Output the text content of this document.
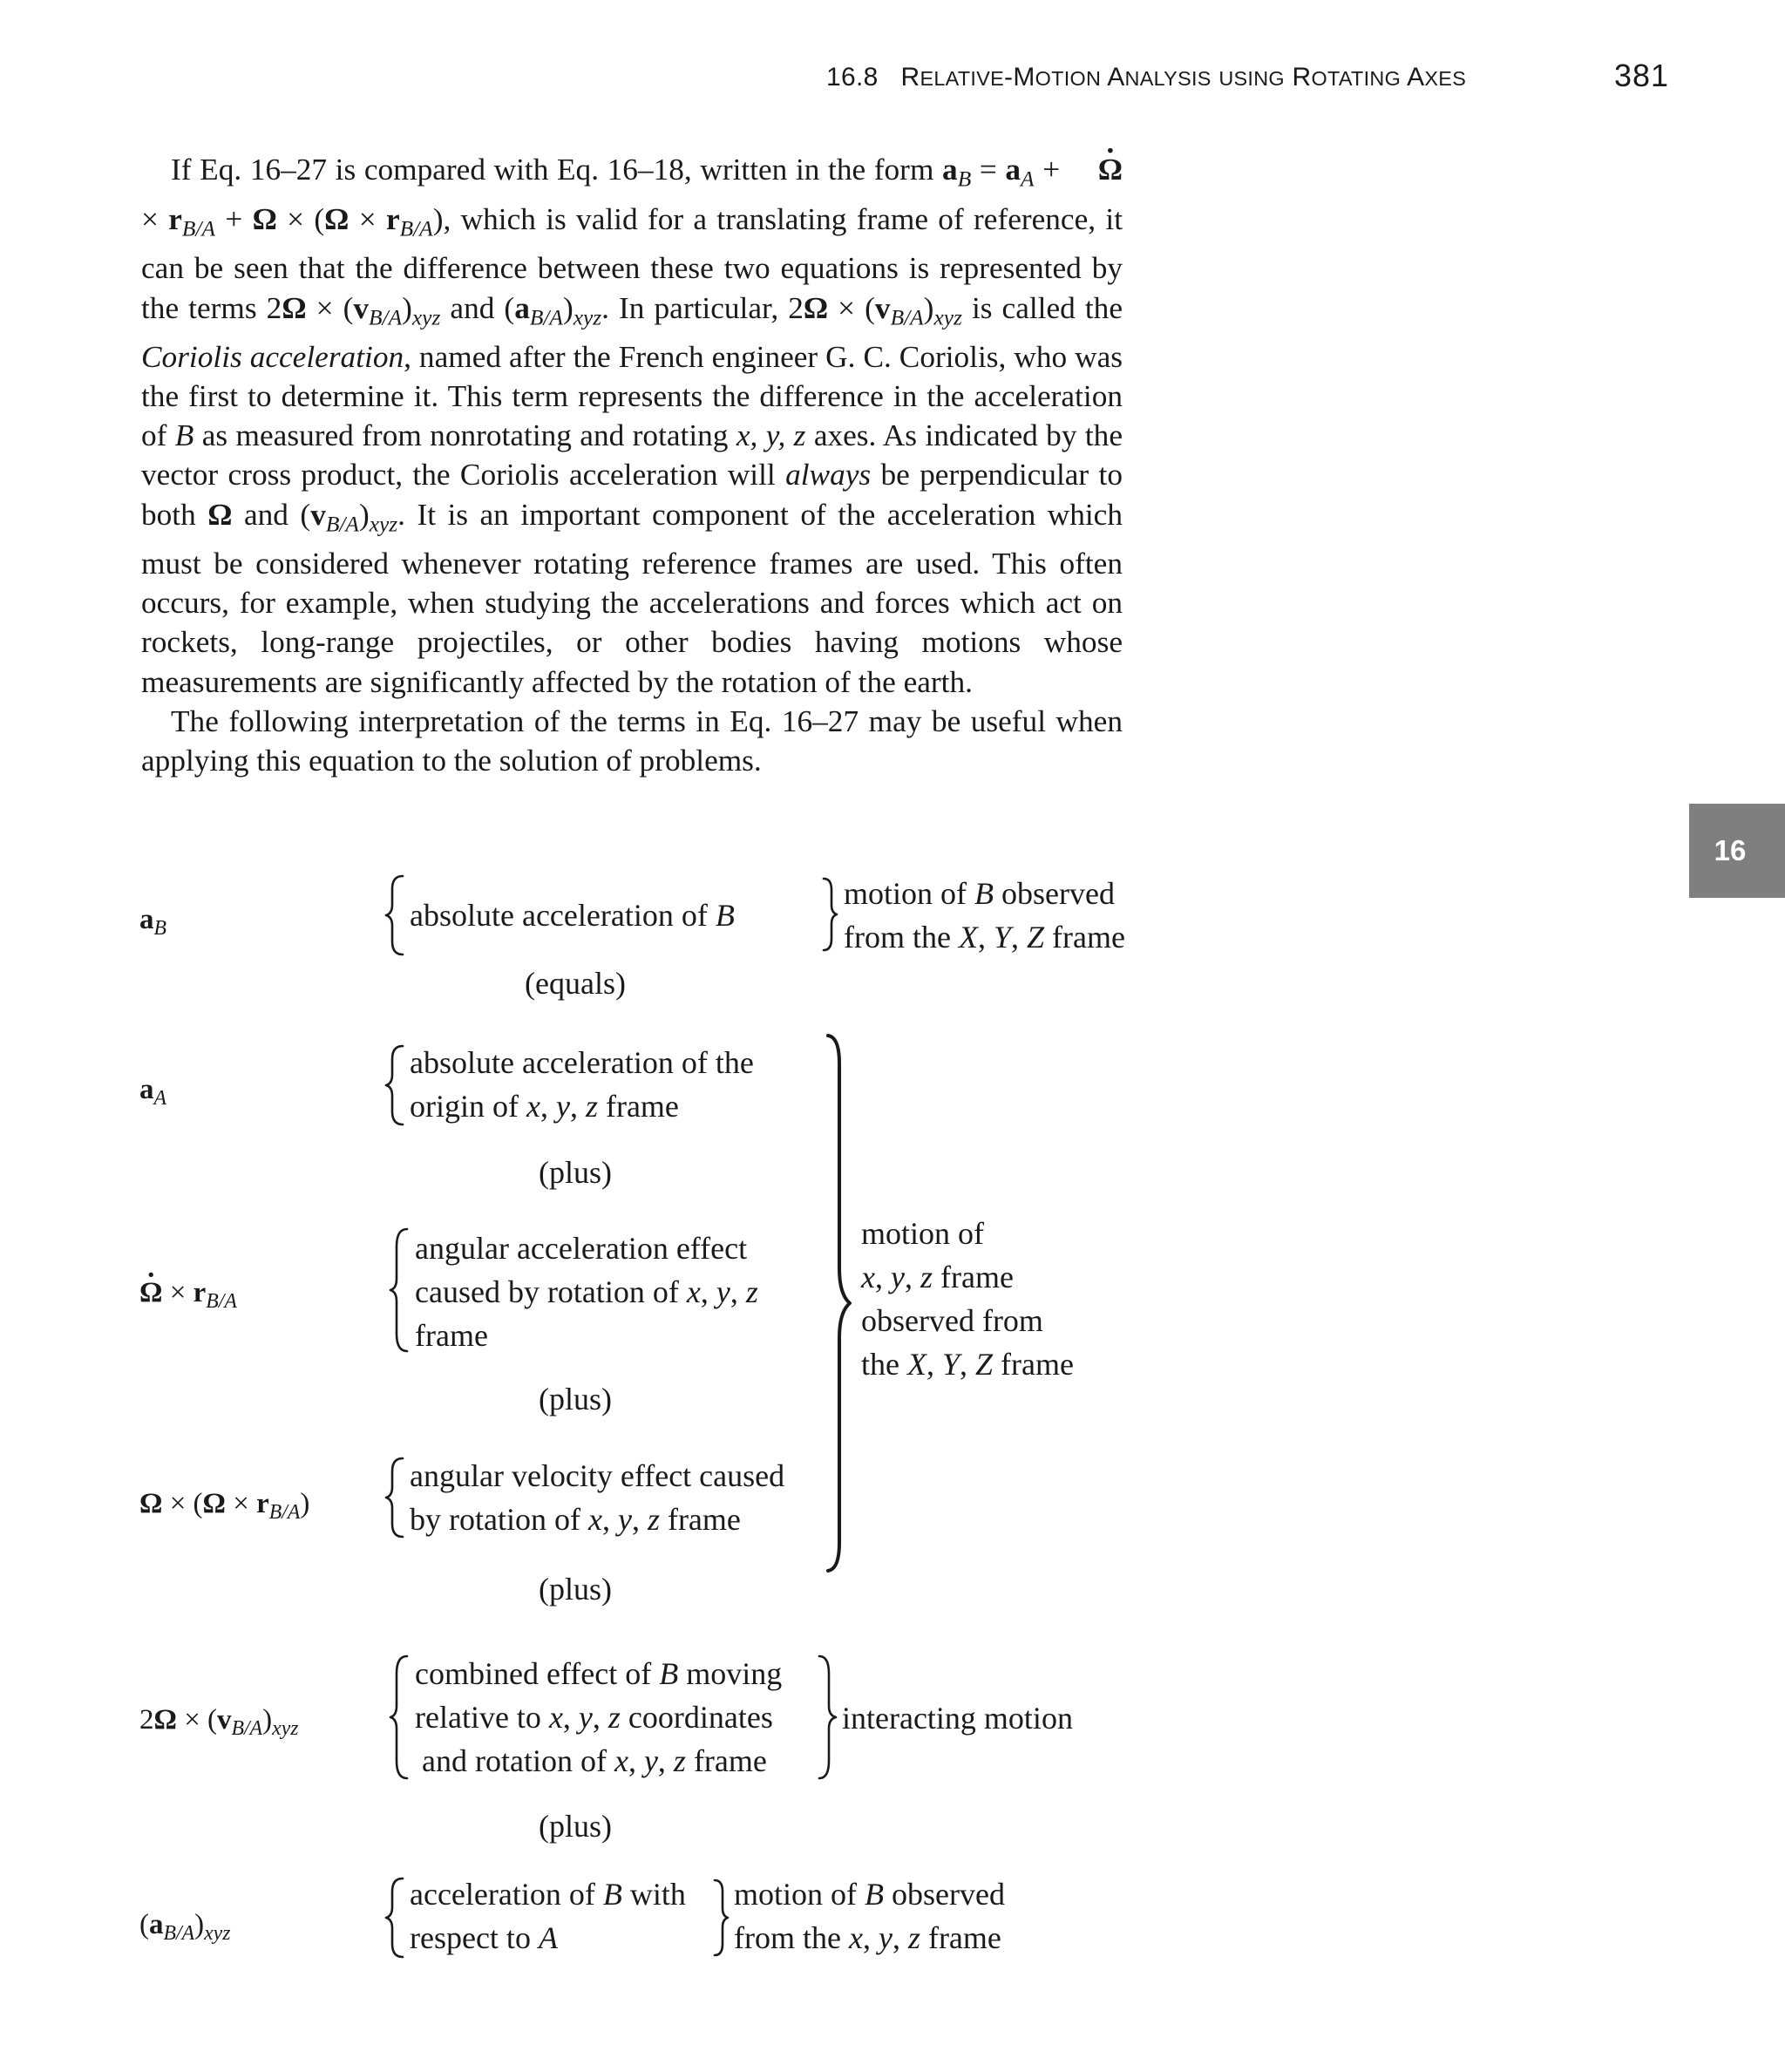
16.8   RELATIVE-MOTION ANALYSIS USING ROTATING AXES	381
16

If Eq. 16–27 is compared with Eq. 16–18, written in the form $a_B = a_A + \Omega$ · × $r_{B/A} + \Omega \times (\Omega \times r_{B/A})$, which is valid for a translating frame of reference, it can be seen that the difference between these two equations is represented by the terms $2\Omega \times (v_{B/A})_{xyz}$ and $(a_{B/A})_{xyz}$. In particular, $2\Omega \times (v_{B/A})_{xyz}$ is called the Coriolis acceleration, named after the French engineer G. C. Coriolis, who was the first to determine it. This term represents the difference in the acceleration of B as measured from nonrotating and rotating x, y, z axes. As indicated by the vector cross product, the Coriolis acceleration will always be perpendicular to both Ω and $(v_{B/A})_{xyz}$. It is an important component of the acceleration which must be considered whenever rotating reference frames are used. This often occurs, for example, when studying the accelerations and forces which act on rockets, long-range projectiles, or other bodies having motions whose measurements are significantly affected by the rotation of the earth.

The following interpretation of the terms in Eq. 16–27 may be useful when applying this equation to the solution of problems.

$a_B$
$a_A$
Ω · × $r_{B/A}$
$\Omega \times (\Omega \times r_{B/A})$
$2\Omega \times (v_{B/A})_{xyz}$
$(a_{B/A})_{xyz}$
absolute acceleration of B
motion of B observed
from the X, Y, Z frame
(equals)
absolute acceleration of the
origin of x, y, z frame
(plus)
angular acceleration effect
caused by rotation of x, y, z
frame
(plus)
angular velocity effect caused
by rotation of x, y, z frame
motion of
x, y, z frame
observed from
the X, Y, Z frame
(plus)
combined effect of B moving
relative to x, y, z coordinates
and rotation of x, y, z frame
interacting motion
(plus)
acceleration of B with
respect to A
motion of B observed
from the x, y, z frame
